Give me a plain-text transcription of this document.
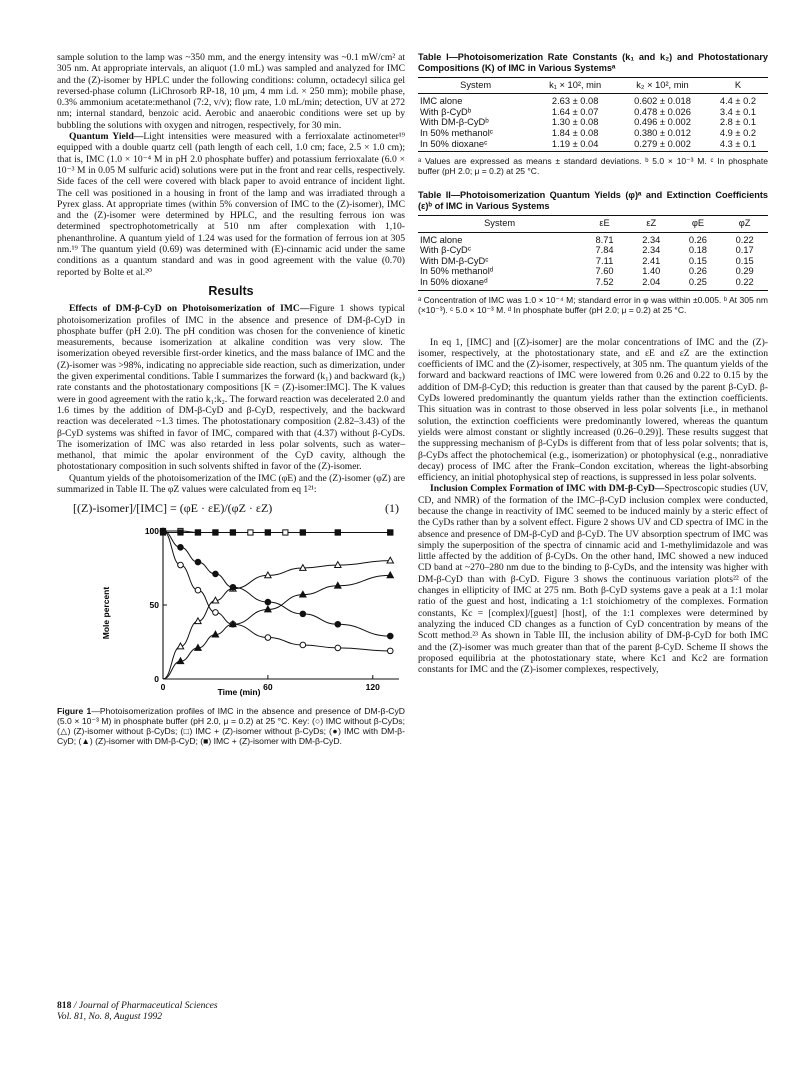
sample solution to the lamp was ~350 mm, and the energy intensity was ~0.1 mW/cm² at 305 nm. At appropriate intervals, an aliquot (1.0 mL) was sampled and analyzed for IMC and the (Z)-isomer by HPLC under the following conditions: column, octadecyl silica gel reversed-phase column (LiChrosorb RP-18, 10 μm, 4 mm i.d. × 250 mm); mobile phase, 0.3% ammonium acetate:methanol (7:2, v/v); flow rate, 1.0 mL/min; detection, UV at 272 nm; internal standard, benzoic acid. Aerobic and anaerobic conditions were set up by bubbling the solutions with oxygen and nitrogen, respectively, for 30 min.

Quantum Yield—Light intensities were measured with a ferrioxalate actinometer¹⁹ equipped with a double quartz cell (path length of each cell, 1.0 cm; face, 2.5 × 1.0 cm); that is, IMC (1.0 × 10⁻⁴ M in pH 2.0 phosphate buffer) and potassium ferrioxalate (6.0 × 10⁻³ M in 0.05 M sulfuric acid) solutions were put in the front and rear cells, respectively. Side faces of the cell were covered with black paper to avoid entrance of incident light. The cell was positioned in a housing in front of the lamp and was irradiated through a Pyrex glass. At appropriate times (within 5% conversion of IMC to the (Z)-isomer), IMC and the (Z)-isomer were determined by HPLC, and the resulting ferrous ion was determined spectrophotometrically at 510 nm after complexation with 1,10-phenanthroline. A quantum yield of 1.24 was used for the formation of ferrous ion at 305 nm.¹⁹ The quantum yield (0.69) was determined with (E)-cinnamic acid under the same conditions as a quantum standard and was in good agreement with the value (0.70) reported by Bolte et al.²⁰

Results

Effects of DM-β-CyD on Photoisomerization of IMC—Figure 1 shows typical photoisomerization profiles of IMC in the absence and presence of DM-β-CyD in phosphate buffer (pH 2.0). The pH condition was chosen for the convenience of kinetic measurements, because isomerization at alkaline condition was very slow. The isomerization obeyed reversible first-order kinetics, and the mass balance of IMC and the (Z)-isomer was >98%, indicating no appreciable side reaction, such as dimerization, under the given experimental conditions. Table I summarizes the forward (k₁) and backward (k₂) rate constants and the photostationary compositions [K = (Z)-isomer:IMC]. The K values were in good agreement with the ratio k₁:k₂. The forward reaction was decelerated 2.0 and 1.6 times by the addition of DM-β-CyD and β-CyD, respectively, and the backward reaction was decelerated ~1.3 times. The photostationary composition (2.82–3.43) of the β-CyD systems was shifted in favor of IMC, compared with that (4.37) without β-CyDs. The isomerization of IMC was also retarded in less polar solvents, such as water–methanol, that mimic the apolar environment of the CyD cavity, although the photostationary composition in such solvents shifted in favor of the (Z)-isomer.

Quantum yields of the photoisomerization of the IMC (φE) and the (Z)-isomer (φZ) are summarized in Table II. The φZ values were calculated from eq 1²¹:

[(Z)-isomer]/[IMC] = (φE · εE)/(φZ · εZ)	(1)
0
50
100
0	60	120
Mole percent
Time (min)

Figure 1—Photoisomerization profiles of IMC in the absence and presence of DM-β-CyD (5.0 × 10⁻³ M) in phosphate buffer (pH 2.0, μ = 0.2) at 25 °C. Key: (○) IMC without β-CyDs; (△) (Z)-isomer without β-CyDs; (□) IMC + (Z)-isomer without β-CyDs; (●) IMC with DM-β-CyD; (▲) (Z)-isomer with DM-β-CyD; (■) IMC + (Z)-isomer with DM-β-CyD.

Table I—Photoisomerization Rate Constants (k₁ and k₂) and Photostationary Compositions (K) of IMC in Various Systemsᵃ
System	k₁ × 10², min	k₂ × 10², min	K
IMC alone	2.63 ± 0.08	0.602 ± 0.018	4.4 ± 0.2
With β-CyDᵇ	1.64 ± 0.07	0.478 ± 0.026	3.4 ± 0.1
With DM-β-CyDᵇ	1.30 ± 0.08	0.496 ± 0.002	2.8 ± 0.1
In 50% methanolᶜ	1.84 ± 0.08	0.380 ± 0.012	4.9 ± 0.2
In 50% dioxaneᶜ	1.19 ± 0.04	0.279 ± 0.002	4.3 ± 0.1
ᵃ Values are expressed as means ± standard deviations. ᵇ 5.0 × 10⁻³ M. ᶜ In phosphate buffer (pH 2.0; μ = 0.2) at 25 °C.
Table II—Photoisomerization Quantum Yields (φ)ᵃ and Extinction Coefficients (ε)ᵇ of IMC in Various Systems
System	εE	εZ	φE	φZ
IMC alone	8.71	2.34	0.26	0.22
With β-CyDᶜ	7.84	2.34	0.18	0.17
With DM-β-CyDᶜ	7.11	2.41	0.15	0.15
In 50% methanolᵈ	7.60	1.40	0.26	0.29
In 50% dioxaneᵈ	7.52	2.04	0.25	0.22
ᵃ Concentration of IMC was 1.0 × 10⁻⁴ M; standard error in φ was within ±0.005. ᵇ At 305 nm (×10⁻³). ᶜ 5.0 × 10⁻³ M. ᵈ In phosphate buffer (pH 2.0; μ = 0.2) at 25 °C.

In eq 1, [IMC] and [(Z)-isomer] are the molar concentrations of IMC and the (Z)-isomer, respectively, at the photostationary state, and εE and εZ are the extinction coefficients of IMC and the (Z)-isomer, respectively, at 305 nm. The quantum yields of the forward and backward reactions of IMC were lowered from 0.26 and 0.22 to 0.15 by the addition of DM-β-CyD; this reduction is greater than that caused by the parent β-CyD. β-CyDs lowered predominantly the quantum yields rather than the extinction coefficients. This situation was in contrast to those observed in less polar solvents [i.e., in methanol solution, the extinction coefficients were predominantly lowered, whereas the quantum yields were almost constant or slightly increased (0.26–0.29)]. These results suggest that the suppressing mechanism of β-CyDs is different from that of less polar solvents; that is, β-CyDs affect the photochemical (e.g., isomerization) or photophysical (e.g., nonradiative decay) process of IMC after the Frank–Condon excitation, whereas the light-absorbing efficiency, an initial photophysical step of reactions, is suppressed in less polar solvents.

Inclusion Complex Formation of IMC with DM-β-CyD—Spectroscopic studies (UV, CD, and NMR) of the formation of the IMC–β-CyD inclusion complex were conducted, because the change in reactivity of IMC seemed to be induced mainly by a steric effect of the CyDs rather than by a solvent effect. Figure 2 shows UV and CD spectra of IMC in the absence and presence of DM-β-CyD and β-CyD. The UV absorption spectrum of IMC was simply the superposition of the spectra of cinnamic acid and 1-methylimidazole and was little affected by the addition of β-CyDs. On the other hand, IMC showed a new induced CD band at ~270–280 nm due to the binding to β-CyDs, and the intensity was higher with DM-β-CyD than with β-CyD. Figure 3 shows the continuous variation plots²² of the changes in ellipticity of IMC at 275 nm. Both β-CyD systems gave a peak at a 1:1 molar ratio of the guest and host, indicating a 1:1 stoichiometry of the complexes. Formation constants, Kc = [complex]/[guest] [host], of the 1:1 complexes were determined by analyzing the induced CD changes as a function of CyD concentration by means of the Scott method.²³ As shown in Table III, the inclusion ability of DM-β-CyD for both IMC and the (Z)-isomer was much greater than that of the parent β-CyD. Scheme II shows the proposed equilibria at the photostationary state, where Kc1 and Kc2 are formation constants for IMC and the (Z)-isomer complexes, respectively,

818 / Journal of Pharmaceutical Sciences
Vol. 81, No. 8, August 1992
